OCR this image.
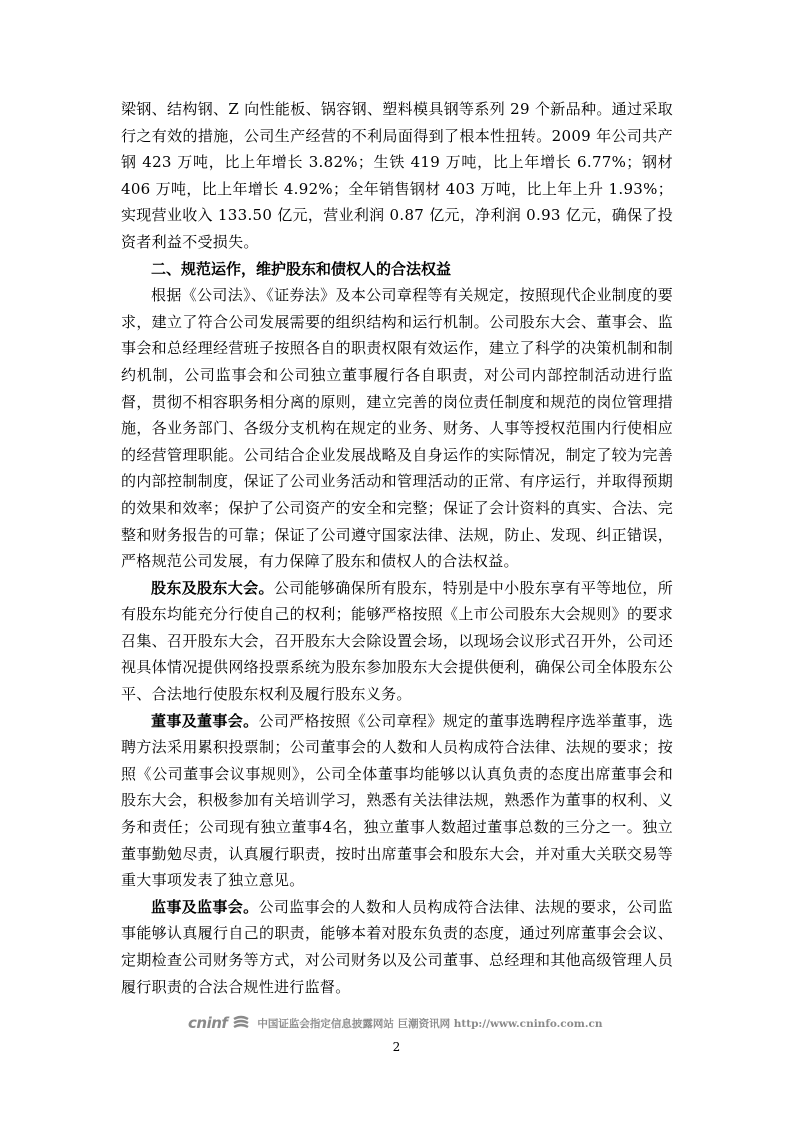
梁钢、结构钢、Z 向性能板、锅容钢、塑料模具钢等系列 29 个新品种。通过采取行之有效的措施，公司生产经营的不利局面得到了根本性扭转。2009 年公司共产钢 423 万吨，比上年增长 3.82%；生铁 419 万吨，比上年增长 6.77%；钢材 406 万吨，比上年增长 4.92%；全年销售钢材 403 万吨，比上年上升 1.93%；实现营业收入 133.50 亿元，营业利润 0.87 亿元，净利润 0.93 亿元，确保了投资者利益不受损失。

二、规范运作，维护股东和债权人的合法权益

根据《公司法》、《证券法》及本公司章程等有关规定，按照现代企业制度的要求，建立了符合公司发展需要的组织结构和运行机制。公司股东大会、董事会、监事会和总经理经营班子按照各自的职责权限有效运作，建立了科学的决策机制和制约机制，公司监事会和公司独立董事履行各自职责，对公司内部控制活动进行监督，贯彻不相容职务相分离的原则，建立完善的岗位责任制度和规范的岗位管理措施，各业务部门、各级分支机构在规定的业务、财务、人事等授权范围内行使相应的经营管理职能。公司结合企业发展战略及自身运作的实际情况，制定了较为完善的内部控制制度，保证了公司业务活动和管理活动的正常、有序运行，并取得预期的效果和效率；保护了公司资产的安全和完整；保证了会计资料的真实、合法、完整和财务报告的可靠；保证了公司遵守国家法律、法规，防止、发现、纠正错误，严格规范公司发展，有力保障了股东和债权人的合法权益。

股东及股东大会。公司能够确保所有股东，特别是中小股东享有平等地位，所有股东均能充分行使自己的权利；能够严格按照《上市公司股东大会规则》的要求召集、召开股东大会，召开股东大会除设置会场，以现场会议形式召开外，公司还视具体情况提供网络投票系统为股东参加股东大会提供便利，确保公司全体股东公平、合法地行使股东权利及履行股东义务。

董事及董事会。公司严格按照《公司章程》规定的董事选聘程序选举董事，选聘方法采用累积投票制；公司董事会的人数和人员构成符合法律、法规的要求；按照《公司董事会议事规则》，公司全体董事均能够以认真负责的态度出席董事会和股东大会，积极参加有关培训学习，熟悉有关法律法规，熟悉作为董事的权利、义务和责任；公司现有独立董事4名，独立董事人数超过董事总数的三分之一。独立董事勤勉尽责，认真履行职责，按时出席董事会和股东大会，并对重大关联交易等重大事项发表了独立意见。

监事及监事会。公司监事会的人数和人员构成符合法律、法规的要求，公司监事能够认真履行自己的职责，能够本着对股东负责的态度，通过列席董事会会议、定期检查公司财务等方式，对公司财务以及公司董事、总经理和其他高级管理人员履行职责的合法合规性进行监督。

cninf	中国证监会指定信息披露网站 巨潮资讯网 http://www.cninfo.com.cn
2
